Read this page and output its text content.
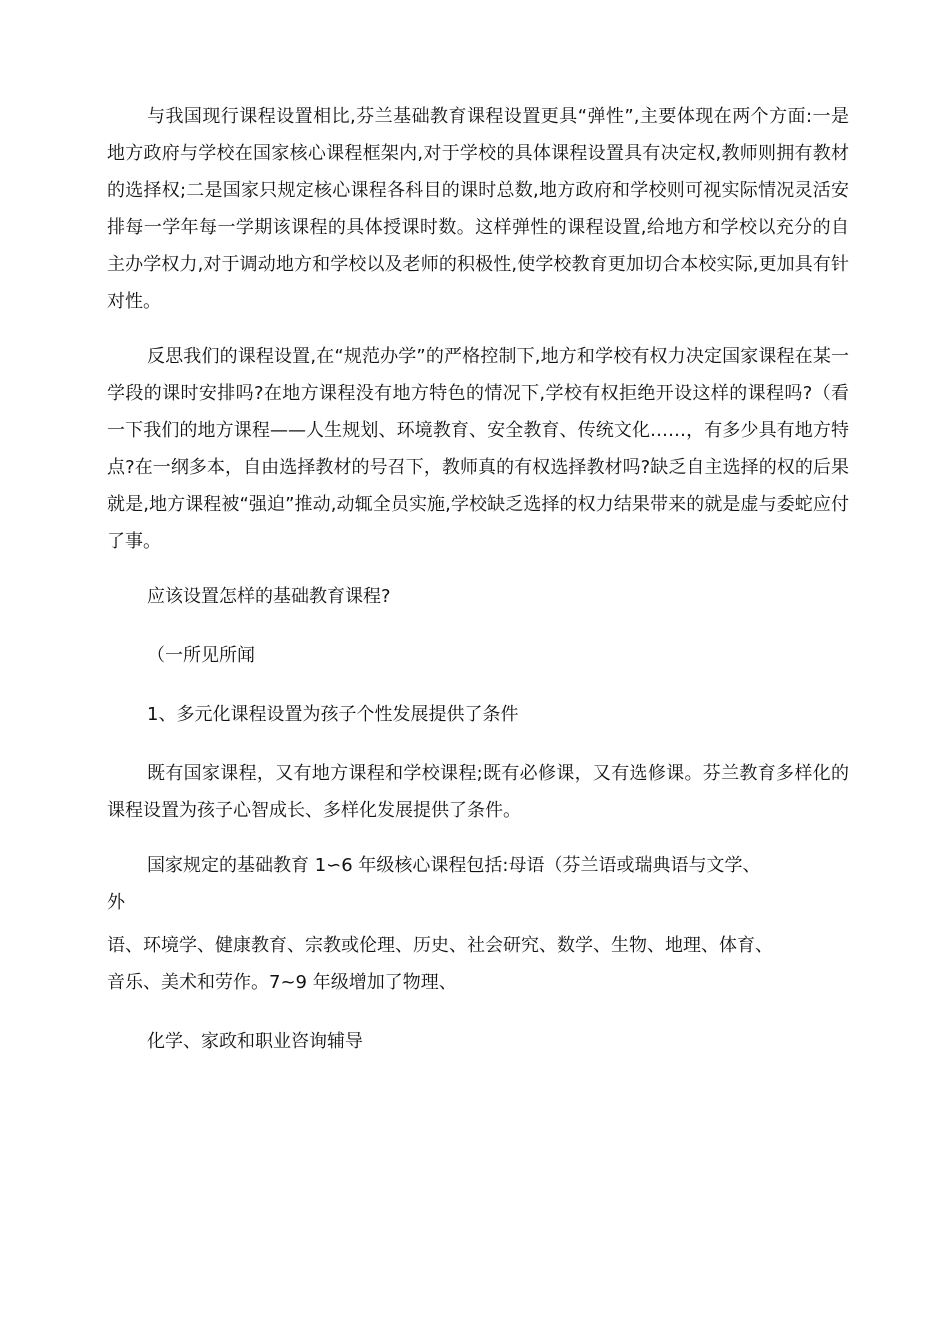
与我国现行课程设置相比,芬兰基础教育课程设置更具“弹性”,主要体现在两个方面:一是地方政府与学校在国家核心课程框架内,对于学校的具体课程设置具有决定权,教师则拥有教材的选择权;二是国家只规定核心课程各科目的课时总数,地方政府和学校则可视实际情况灵活安排每一学年每一学期该课程的具体授课时数。这样弹性的课程设置,给地方和学校以充分的自主办学权力,对于调动地方和学校以及老师的积极性,使学校教育更加切合本校实际,更加具有针对性。

反思我们的课程设置,在“规范办学”的严格控制下,地方和学校有权力决定国家课程在某一学段的课时安排吗?在地方课程没有地方特色的情况下,学校有权拒绝开设这样的课程吗?（看一下我们的地方课程——人生规划、环境教育、安全教育、传统文化……，有多少具有地方特点?在一纲多本，自由选择教材的号召下，教师真的有权选择教材吗?缺乏自主选择的权的后果就是,地方课程被“强迫”推动,动辄全员实施,学校缺乏选择的权力结果带来的就是虚与委蛇应付了事。

应该设置怎样的基础教育课程?

（一所见所闻

1、多元化课程设置为孩子个性发展提供了条件

既有国家课程，又有地方课程和学校课程;既有必修课，又有选修课。芬兰教育多样化的课程设置为孩子心智成长、多样化发展提供了条件。

国家规定的基础教育 1∽6 年级核心课程包括:母语（芬兰语或瑞典语与文学、
外
语、环境学、健康教育、宗教或伦理、历史、社会研究、数学、生物、地理、体育、
音乐、美术和劳作。7~9 年级增加了物理、

化学、家政和职业咨询辅导
